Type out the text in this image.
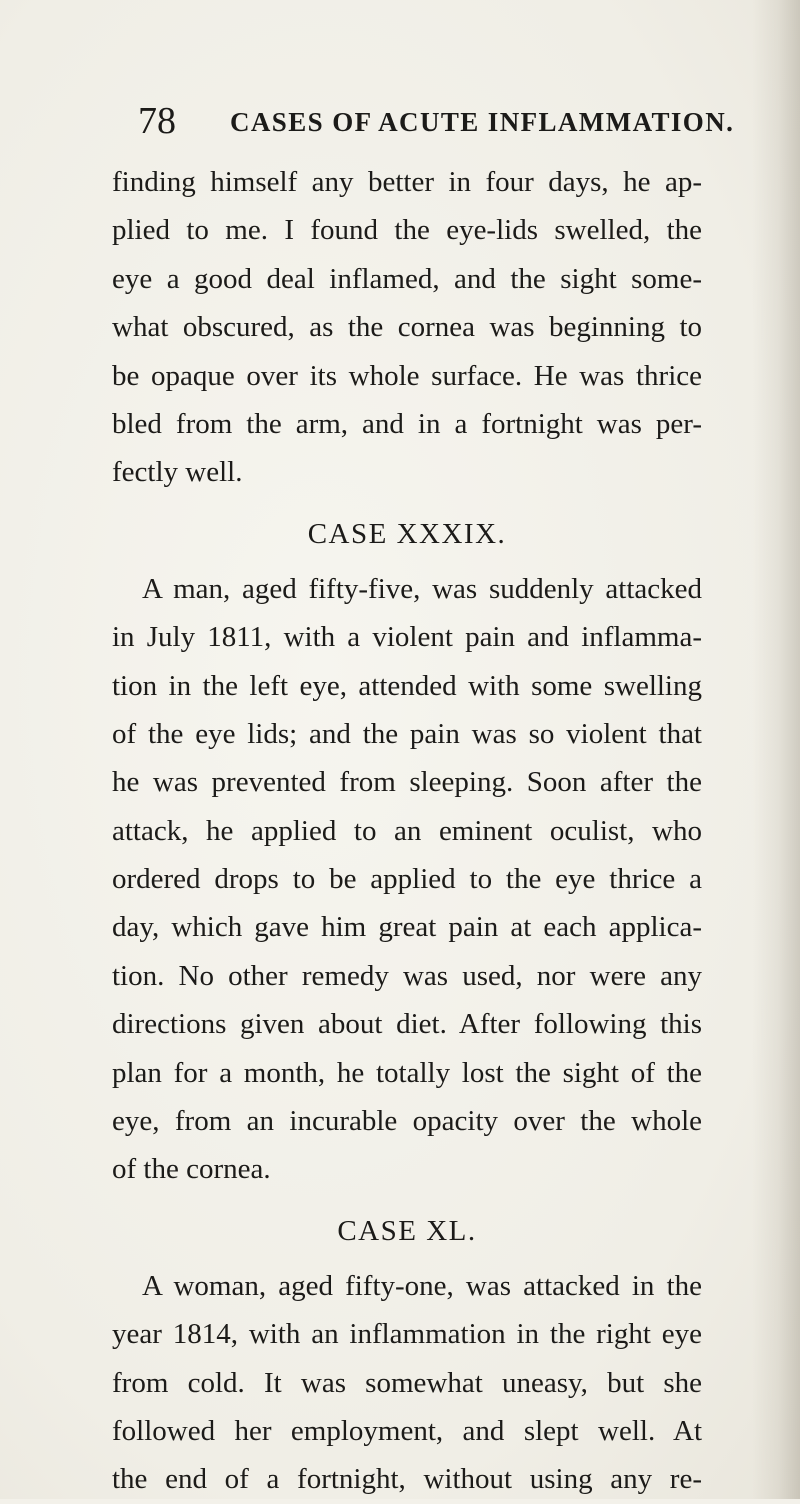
78 CASES OF ACUTE INFLAMMATION.
finding himself any better in four days, he ap-
plied to me. I found the eye-lids swelled, the
eye a good deal inflamed, and the sight some-
what obscured, as the cornea was beginning to
be opaque over its whole surface. He was thrice
bled from the arm, and in a fortnight was per-
fectly well.
CASE XXXIX.
A man, aged fifty-five, was suddenly attacked
in July 1811, with a violent pain and inflamma-
tion in the left eye, attended with some swelling
of the eye lids; and the pain was so violent that
he was prevented from sleeping. Soon after the
attack, he applied to an eminent oculist, who
ordered drops to be applied to the eye thrice a
day, which gave him great pain at each applica-
tion. No other remedy was used, nor were any
directions given about diet. After following this
plan for a month, he totally lost the sight of the
eye, from an incurable opacity over the whole
of the cornea.
CASE XL.
A woman, aged fifty-one, was attacked in the
year 1814, with an inflammation in the right eye
from cold. It was somewhat uneasy, but she
followed her employment, and slept well. At
the end of a fortnight, without using any re-
